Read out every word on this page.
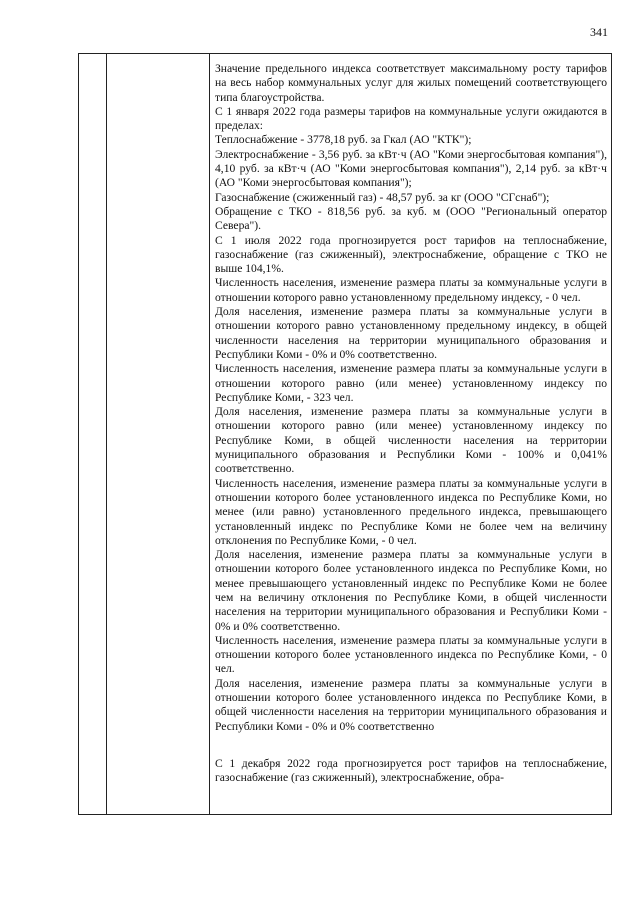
341

Значение предельного индекса соответствует максимальному росту тарифов на весь набор коммунальных услуг для жилых помещений соответствующего типа благоустройства.

С 1 января 2022 года размеры тарифов на коммунальные услуги ожидаются в пределах:

Теплоснабжение - 3778,18 руб. за Гкал (АО "КТК");

Электроснабжение - 3,56 руб. за кВт·ч (АО "Коми энергосбытовая компания"), 4,10 руб. за кВт·ч (АО "Коми энергосбытовая компания"), 2,14 руб. за кВт·ч (АО "Коми энергосбытовая компания");

Газоснабжение (сжиженный газ) - 48,57 руб. за кг (ООО "СГснаб");

Обращение с ТКО - 818,56 руб. за куб. м (ООО "Региональный оператор Севера").

С 1 июля 2022 года прогнозируется рост тарифов на теплоснабжение, газоснабжение (газ сжиженный), электроснабжение, обращение с ТКО не выше 104,1%.

Численность населения, изменение размера платы за коммунальные услуги в отношении которого равно установленному предельному индексу, - 0 чел.

Доля населения, изменение размера платы за коммунальные услуги в отношении которого равно установленному предельному индексу, в общей численности населения на территории муниципального образования и Республики Коми - 0% и 0% соответственно.

Численность населения, изменение размера платы за коммунальные услуги в отношении которого равно (или менее) установленному индексу по Республике Коми, - 323 чел.

Доля населения, изменение размера платы за коммунальные услуги в отношении которого равно (или менее) установленному индексу по Республике Коми, в общей численности населения на территории муниципального образования и Республики Коми - 100% и 0,041% соответственно.

Численность населения, изменение размера платы за коммунальные услуги в отношении которого более установленного индекса по Республике Коми, но менее (или равно) установленного предельного индекса, превышающего установленный индекс по Республике Коми не более чем на величину отклонения по Республике Коми, - 0 чел.

Доля населения, изменение размера платы за коммунальные услуги в отношении которого более установленного индекса по Республике Коми, но менее превышающего установленный индекс по Республике Коми не более чем на величину отклонения по Республике Коми, в общей численности населения на территории муниципального образования и Республики Коми - 0% и 0% соответственно.

Численность населения, изменение размера платы за коммунальные услуги в отношении которого более установленного индекса по Республике Коми, - 0 чел.

Доля населения, изменение размера платы за коммунальные услуги в отношении которого более установленного индекса по Республике Коми, в общей численности населения на территории муниципального образования и Республики Коми - 0% и 0% соответственно

С 1 декабря 2022 года прогнозируется рост тарифов на теплоснабжение, газоснабжение (газ сжиженный), электроснабжение, обра-
